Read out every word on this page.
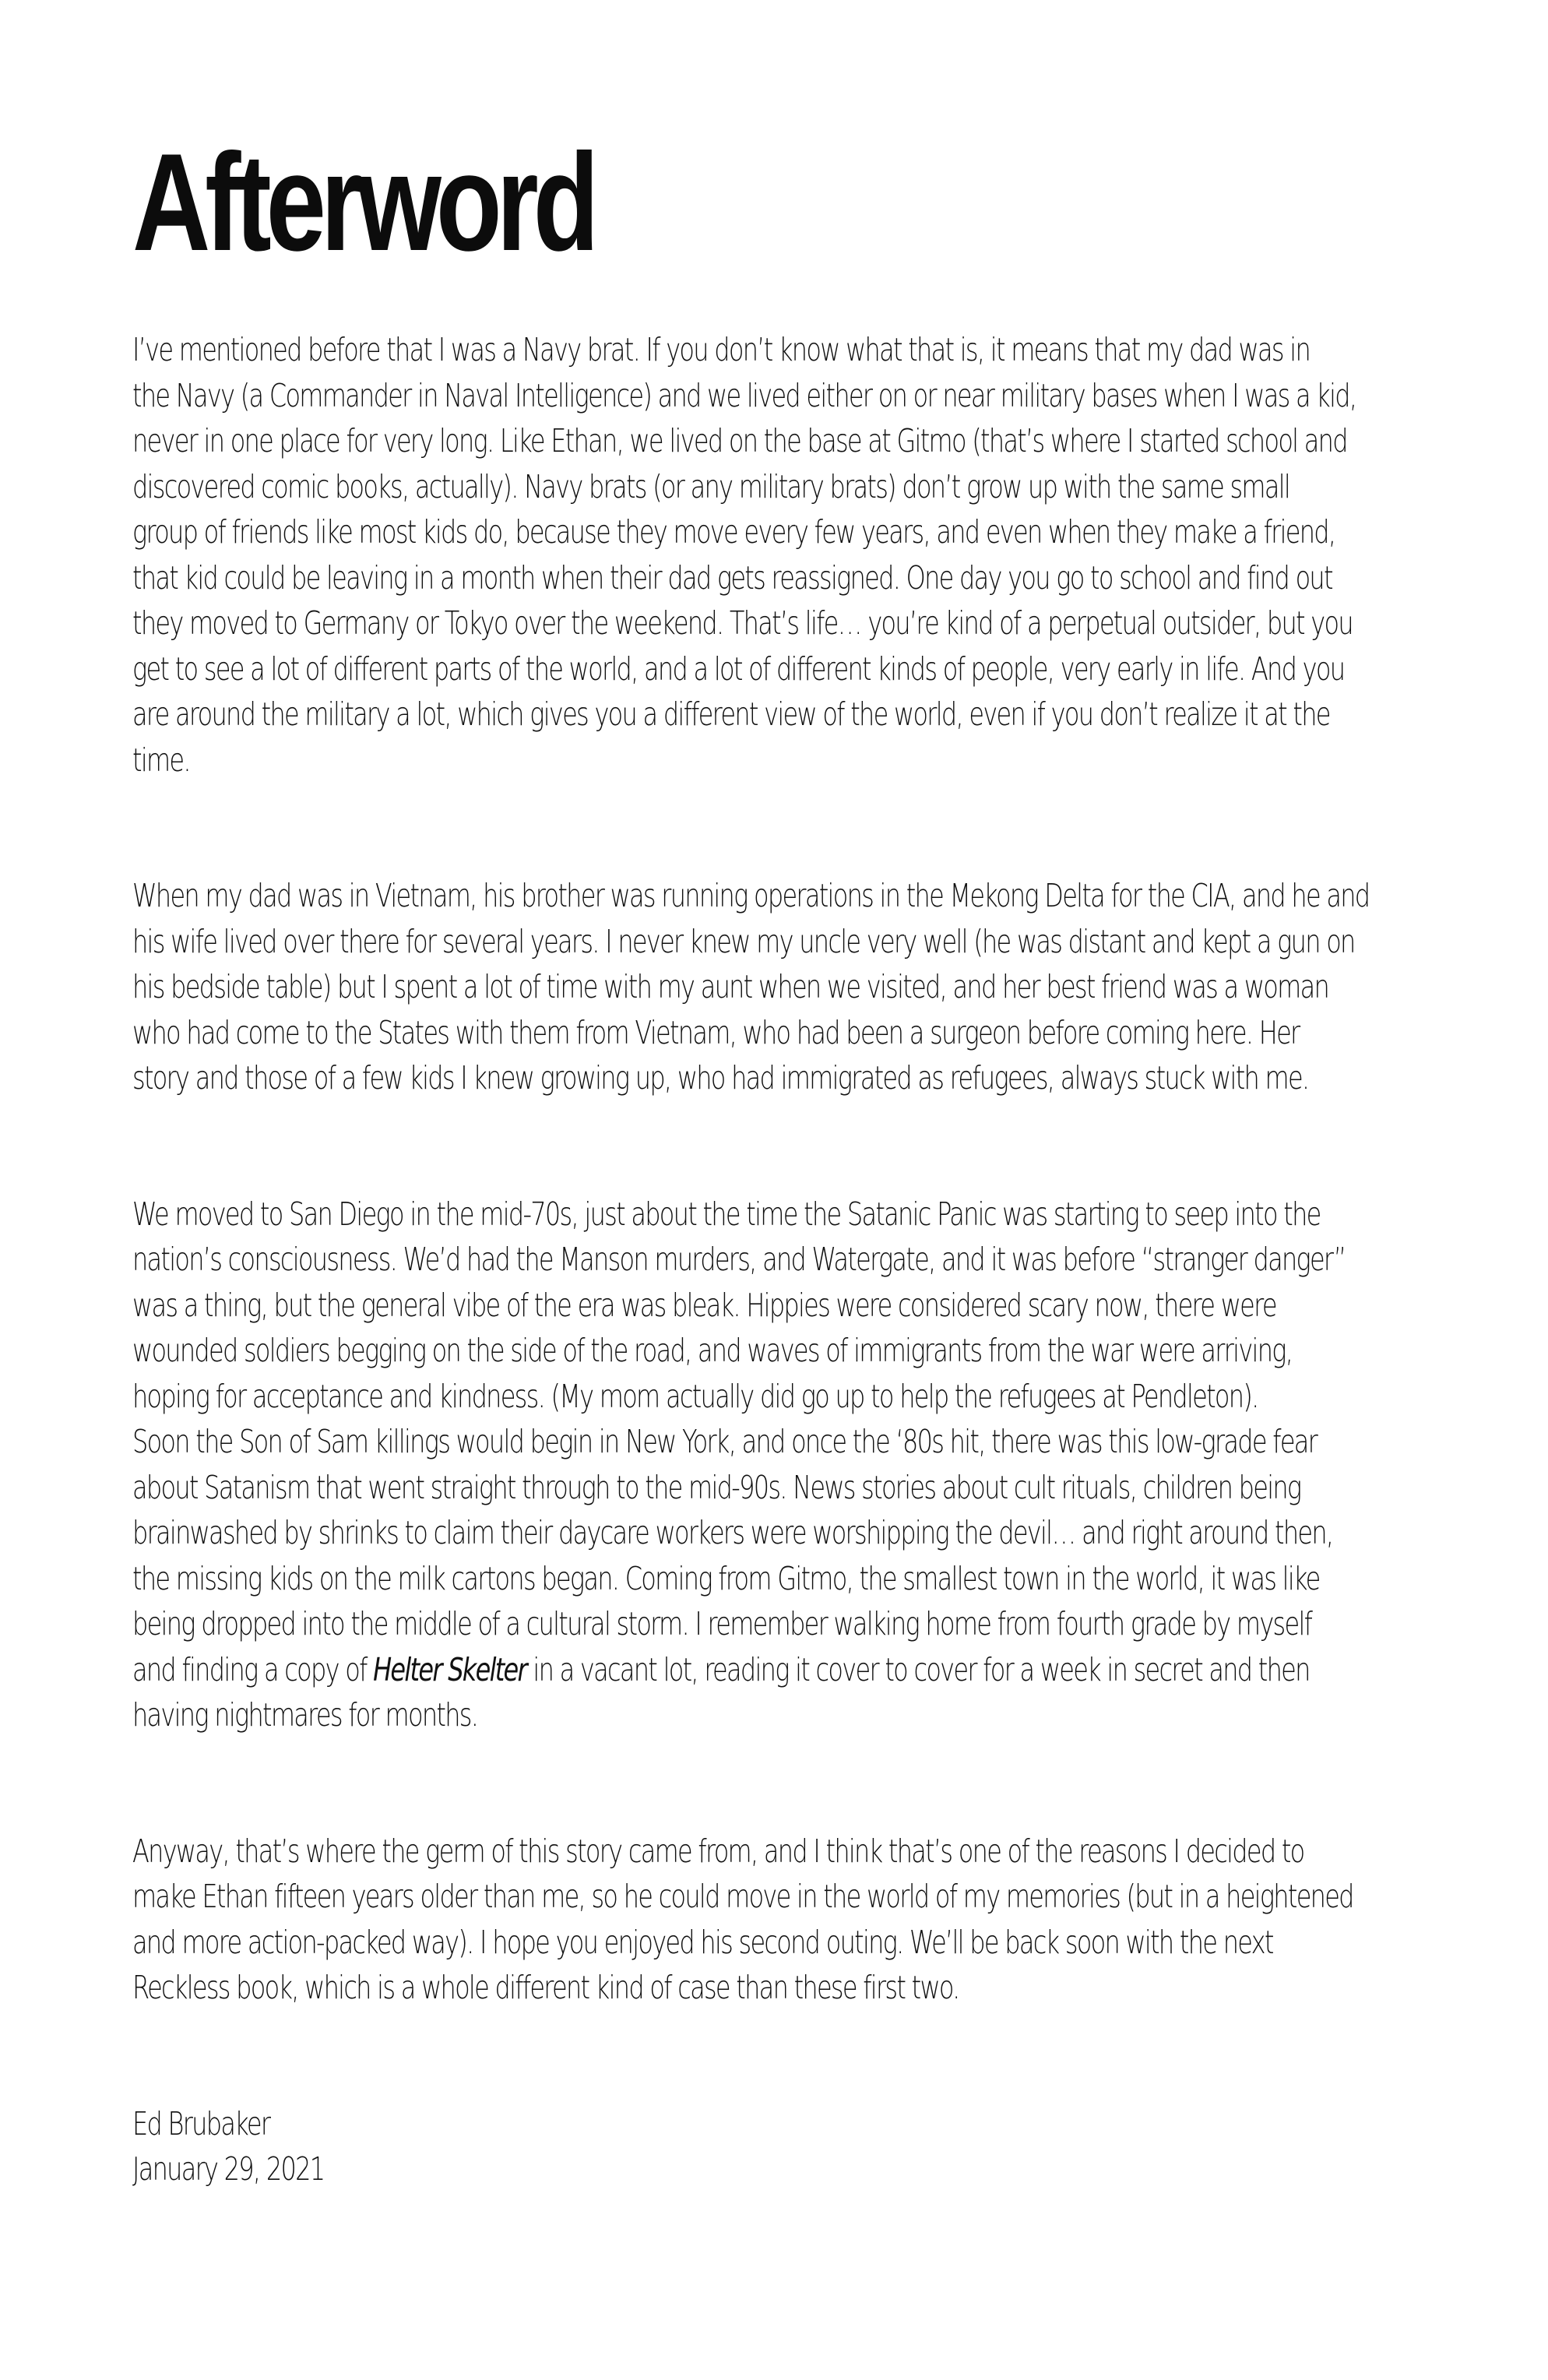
Afterword

I’ve mentioned before that I was a Navy brat. If you don’t know what that is, it means that my dad was in
the Navy (a Commander in Naval Intelligence) and we lived either on or near military bases when I was a kid,
never in one place for very long. Like Ethan, we lived on the base at Gitmo (that’s where I started school and
discovered comic books, actually). Navy brats (or any military brats) don’t grow up with the same small
group of friends like most kids do, because they move every few years, and even when they make a friend,
that kid could be leaving in a month when their dad gets reassigned. One day you go to school and find out
they moved to Germany or Tokyo over the weekend. That’s life… you’re kind of a perpetual outsider, but you
get to see a lot of different parts of the world, and a lot of different kinds of people, very early in life. And you
are around the military a lot, which gives you a different view of the world, even if you don’t realize it at the
time.

When my dad was in Vietnam, his brother was running operations in the Mekong Delta for the CIA, and he and
his wife lived over there for several years. I never knew my uncle very well (he was distant and kept a gun on
his bedside table) but I spent a lot of time with my aunt when we visited, and her best friend was a woman
who had come to the States with them from Vietnam, who had been a surgeon before coming here. Her
story and those of a few kids I knew growing up, who had immigrated as refugees, always stuck with me.

We moved to San Diego in the mid-70s, just about the time the Satanic Panic was starting to seep into the
nation’s consciousness. We’d had the Manson murders, and Watergate, and it was before “stranger danger”
was a thing, but the general vibe of the era was bleak. Hippies were considered scary now, there were
wounded soldiers begging on the side of the road, and waves of immigrants from the war were arriving,
hoping for acceptance and kindness. (My mom actually did go up to help the refugees at Pendleton).
Soon the Son of Sam killings would begin in New York, and once the ‘80s hit, there was this low-grade fear
about Satanism that went straight through to the mid-90s. News stories about cult rituals, children being
brainwashed by shrinks to claim their daycare workers were worshipping the devil… and right around then,
the missing kids on the milk cartons began. Coming from Gitmo, the smallest town in the world, it was like
being dropped into the middle of a cultural storm. I remember walking home from fourth grade by myself
and finding a copy of Helter Skelter in a vacant lot, reading it cover to cover for a week in secret and then
having nightmares for months.

Anyway, that’s where the germ of this story came from, and I think that’s one of the reasons I decided to
make Ethan fifteen years older than me, so he could move in the world of my memories (but in a heightened
and more action-packed way). I hope you enjoyed his second outing. We’ll be back soon with the next
Reckless book, which is a whole different kind of case than these first two.

Ed Brubaker
January 29, 2021
